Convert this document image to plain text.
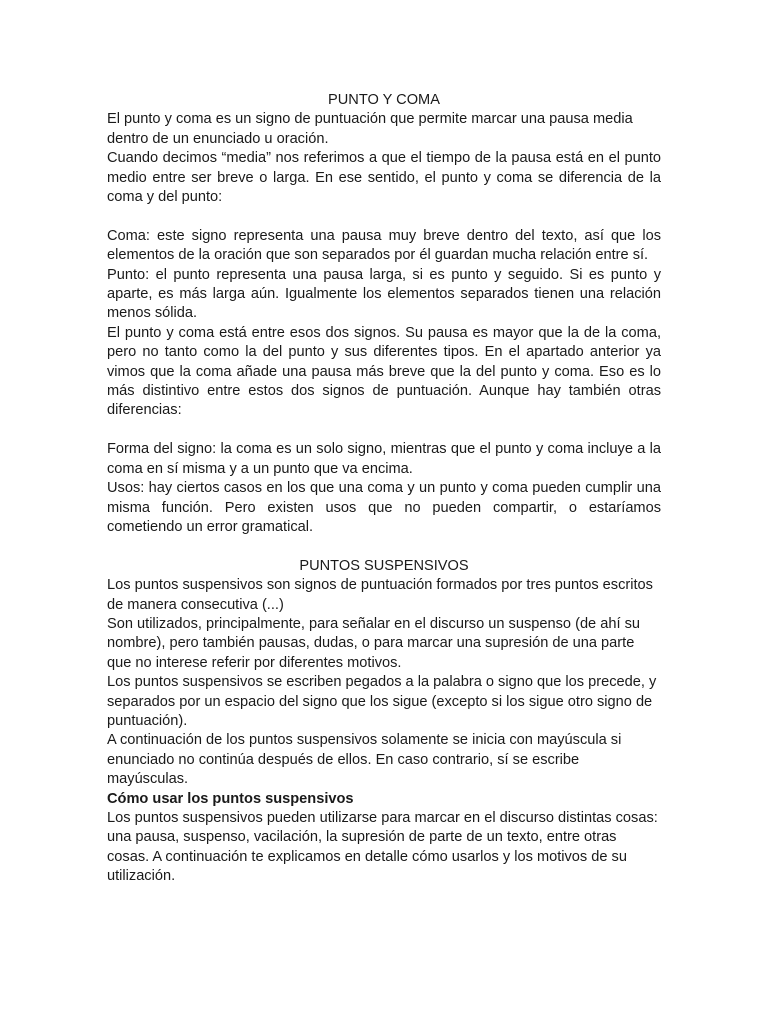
PUNTO Y COMA

El punto y coma es un signo de puntuación que permite marcar una pausa media dentro de un enunciado u oración.

Cuando decimos “media” nos referimos a que el tiempo de la pausa está en el punto medio entre ser breve o larga. En ese sentido, el punto y coma se diferencia de la coma y del punto:

Coma: este signo representa una pausa muy breve dentro del texto, así que los elementos de la oración que son separados por él guardan mucha relación entre sí.

Punto: el punto representa una pausa larga, si es punto y seguido. Si es punto y aparte, es más larga aún. Igualmente los elementos separados tienen una relación menos sólida.

El punto y coma está entre esos dos signos. Su pausa es mayor que la de la coma, pero no tanto como la del punto y sus diferentes tipos. En el apartado anterior ya vimos que la coma añade una pausa más breve que la del punto y coma. Eso es lo más distintivo entre estos dos signos de puntuación. Aunque hay también otras diferencias:

Forma del signo: la coma es un solo signo, mientras que el punto y coma incluye a la coma en sí misma y a un punto que va encima.

Usos: hay ciertos casos en los que una coma y un punto y coma pueden cumplir una misma función. Pero existen usos que no pueden compartir, o estaríamos cometiendo un error gramatical.

PUNTOS SUSPENSIVOS

Los puntos suspensivos son signos de puntuación formados por tres puntos escritos de manera consecutiva (...)

Son utilizados, principalmente, para señalar en el discurso un suspenso (de ahí su nombre), pero también pausas, dudas, o para marcar una supresión de una parte que no interese referir por diferentes motivos.

Los puntos suspensivos se escriben pegados a la palabra o signo que los precede, y separados por un espacio del signo que los sigue (excepto si los sigue otro signo de puntuación).

A continuación de los puntos suspensivos solamente se inicia con mayúscula si enunciado no continúa después de ellos. En caso contrario, sí se escribe mayúsculas.

Cómo usar los puntos suspensivos

Los puntos suspensivos pueden utilizarse para marcar en el discurso distintas cosas: una pausa, suspenso, vacilación, la supresión de parte de un texto, entre otras cosas. A continuación te explicamos en detalle cómo usarlos y los motivos de su utilización.
